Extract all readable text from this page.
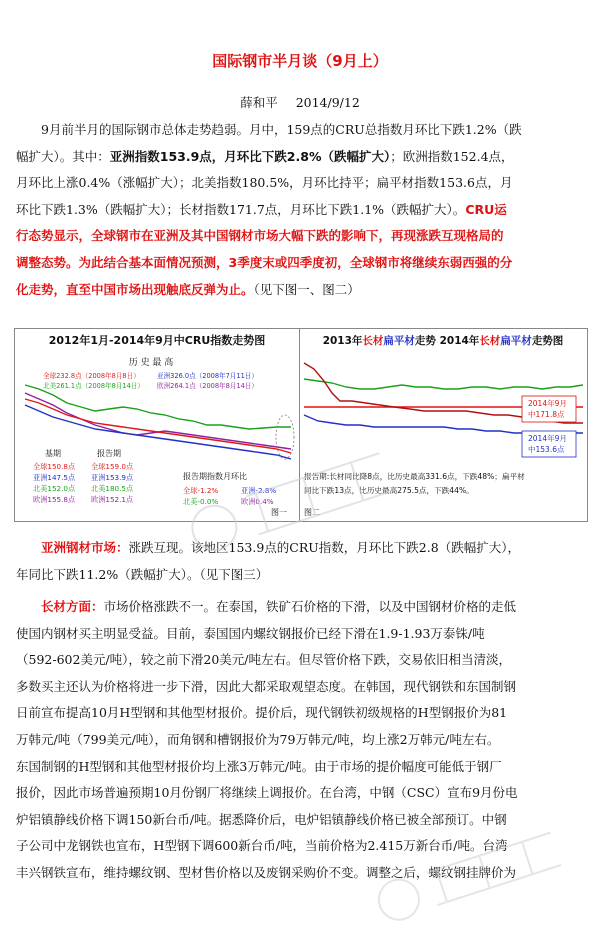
国际钢市半月谈（9月上）
薛和平 2014/9/12
9月前半月的国际钢市总体走势趋弱。月中，159点的CRU总指数月环比下跌1.2%（跌
幅扩大）。其中：亚洲指数153.9点，月环比下跌2.8%（跌幅扩大）；欧洲指数152.4点，
月环比上涨0.4%（涨幅扩大）；北美指数180.5%，月环比持平；扁平材指数153.6点，月
环比下跌1.3%（跌幅扩大）；长材指数171.7点，月环比下跌1.1%（跌幅扩大）。CRU运
行态势显示，全球钢市在亚洲及其中国钢材市场大幅下跌的影响下，再现涨跌互现格局的
调整态势。为此结合基本面情况预测，3季度末或四季度初，全球钢市将继续东弱西强的分
化走势，直至中国市场出现触底反弹为止。（见下图一、图二）
2012年1月-2014年9月中CRU指数走势图
历 史 最 高
全球232.8点（2008年8月8日）	亚洲326.0点（2008年7月11日）
北美261.1点（2008年8月14日） 欧洲264.1点（2008年8月14日）
基期
全球150.8点
亚洲147.5点
北美152.0点
欧洲155.8点
报告期
全球159.0点
亚洲153.9点
北美180.5点
欧洲152.1点
报告期指数月环比
全球-1.2%	亚洲-2.8%
北美-0.0%	欧洲0.4%
图一
2013年长材扁平材走势 2014年长材扁平材走势图
2014年9月
中171.8点
2014年9月
中153.6点
报告期:长材同比降8点，比历史最高331.6点，下跌48%；扁平材
同比下跌13点，比历史最高275.5点，下跌44%。
图二
亚洲钢材市场：涨跌互现。该地区153.9点的CRU指数，月环比下跌2.8（跌幅扩大），
年同比下跌11.2%（跌幅扩大）。（见下图三）
长材方面：市场价格涨跌不一。在泰国，铁矿石价格的下滑，以及中国钢材价格的走低
使国内钢材买主明显受益。目前，泰国国内螺纹钢报价已经下滑在1.9-1.93万泰铢/吨
（592-602美元/吨），较之前下滑20美元/吨左右。但尽管价格下跌，交易依旧相当清淡，
多数买主还认为价格将进一步下滑，因此大都采取观望态度。在韩国，现代钢铁和东国制钢
日前宣布提高10月H型钢和其他型材报价。提价后，现代钢铁初级规格的H型钢报价为81
万韩元/吨（799美元/吨），而角钢和槽钢报价为79万韩元/吨，均上涨2万韩元/吨左右。
东国制钢的H型钢和其他型材报价均上涨3万韩元/吨。由于市场的提价幅度可能低于钢厂
报价，因此市场普遍预期10月份钢厂将继续上调报价。在台湾，中钢（CSC）宣布9月份电
炉铝镇静线价格下调150新台币/吨。据悉降价后，电炉铝镇静线价格已被全部预订。中钢
子公司中龙钢铁也宣布，H型钢下调600新台币/吨，当前价格为2.415万新台币/吨。台湾
丰兴钢铁宣布，维持螺纹钢、型材售价格以及废钢采购价不变。调整之后，螺纹钢挂牌价为
